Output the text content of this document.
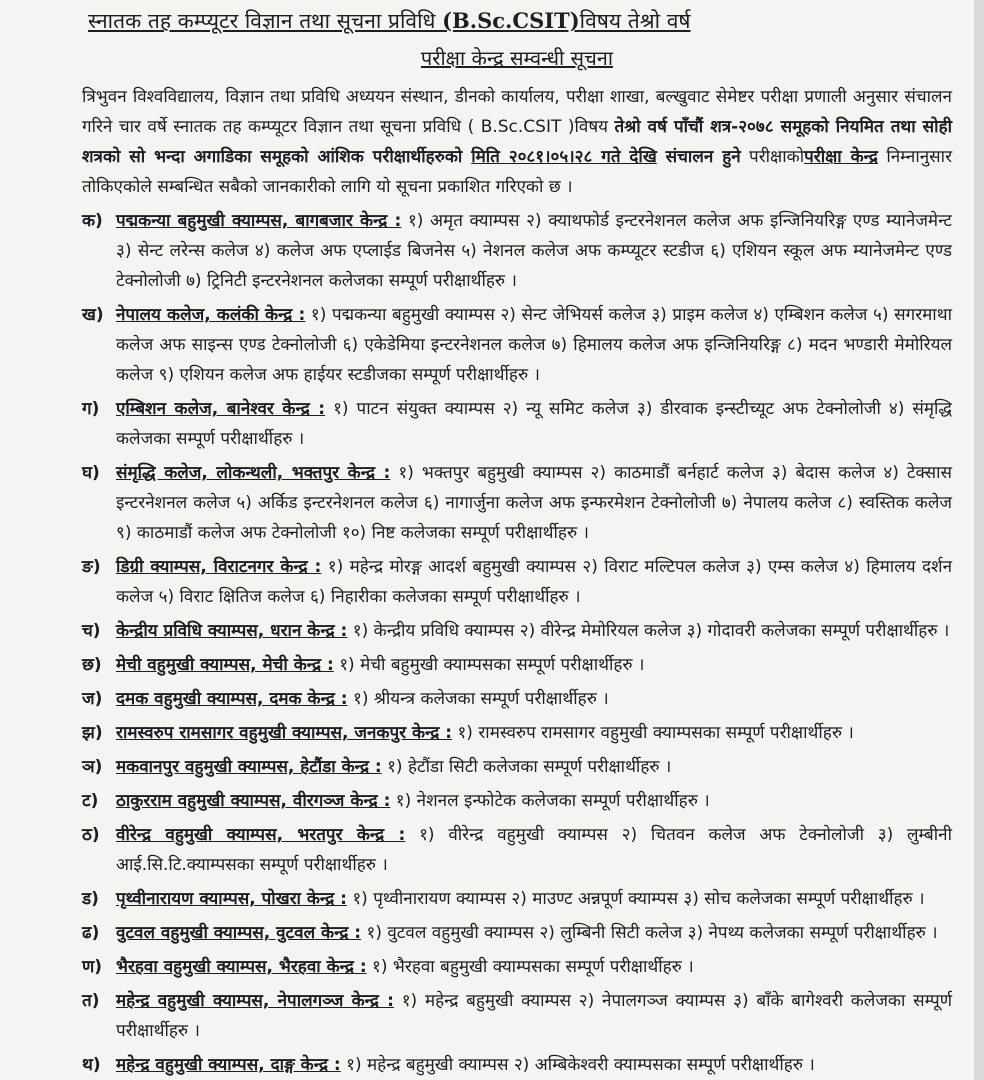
स्नातक तह कम्प्यूटर विज्ञान तथा सूचना प्रविधि (B.Sc.CSIT)विषय तेश्रो वर्ष
परीक्षा केन्द्र सम्वन्धी सूचना
त्रिभुवन विश्वविद्यालय, विज्ञान तथा प्रविधि अध्ययन संस्थान, डीनको कार्यालय, परीक्षा शाखा, बल्खुवाट सेमेष्टर परीक्षा प्रणाली अनुसार संचालन गरिने चार वर्षे स्नातक तह कम्प्यूटर विज्ञान तथा सूचना प्रविधि ( B.Sc.CSIT )विषय तेश्रो वर्ष पाँचौं शत्र-२०७८ समूहको नियमित तथा सोही शत्रको सो भन्दा अगाडिका समूहको आंशिक परीक्षार्थीहरुको मिति २०८१।०५।२८ गते देखि संचालन हुने परीक्षाकोपरीक्षा केन्द्र निम्नानुसार तोकिएकोले सम्बन्धित सबैको जानकारीको लागि यो सूचना प्रकाशित गरिएको छ ।
क) पद्मकन्या बहुमुखी क्याम्पस, बागबजार केन्द्र : १) अमृत क्याम्पस २) क्याथफोर्ड इन्टरनेशनल कलेज अफ इन्जिनियरिङ्ग एण्ड म्यानेजमेन्ट ३) सेन्ट लरेन्स कलेज ४) कलेज अफ एप्लाईड बिजनेस ५) नेशनल कलेज अफ कम्प्यूटर स्टडीज ६) एशियन स्कूल अफ म्यानेजमेन्ट एण्ड टेक्नोलोजी ७) ट्रिनिटी इन्टरनेशनल कलेजका सम्पूर्ण परीक्षार्थीहरु ।
ख) नेपालय कलेज, कलंकी केन्द्र : १) पद्मकन्या बहुमुखी क्याम्पस २) सेन्ट जेभियर्स कलेज ३) प्राइम कलेज ४) एम्बिशन कलेज ५) सगरमाथा कलेज अफ साइन्स एण्ड टेक्नोलोजी ६) एकेडेमिया इन्टरनेशनल कलेज ७) हिमालय कलेज अफ इन्जिनियरिङ्ग ८) मदन भण्डारी मेमोरियल कलेज ९) एशियन कलेज अफ हाईयर स्टडीजका सम्पूर्ण परीक्षार्थीहरु ।
ग) एम्बिशन कलेज, बानेश्वर केन्द्र : १) पाटन संयुक्त क्याम्पस २) न्यू समिट कलेज ३) डीरवाक इन्स्टीच्यूट अफ टेक्नोलोजी ४) संमृद्धि कलेजका सम्पूर्ण परीक्षार्थीहरु ।
घ) संमृद्धि कलेज, लोकन्थली, भक्तपुर केन्द्र : १) भक्तपुर बहुमुखी क्याम्पस २) काठमाडौं बर्नहार्ट कलेज ३) बेदास कलेज ४) टेक्सास इन्टरनेशनल कलेज ५) अर्किड इन्टरनेशनल कलेज ६) नागार्जुना कलेज अफ इन्फरमेशन टेक्नोलोजी ७) नेपालय कलेज ८) स्वस्तिक कलेज ९) काठमाडौं कलेज अफ टेक्नोलोजी १०) निष्ट कलेजका सम्पूर्ण परीक्षार्थीहरु ।
ङ) डिग्री क्याम्पस, विराटनगर केन्द्र : १) महेन्द्र मोरङ्ग आदर्श बहुमुखी क्याम्पस २) विराट मल्टिपल कलेज ३) एम्स कलेज ४) हिमालय दर्शन कलेज ५) विराट क्षितिज कलेज ६) निहारीका कलेजका सम्पूर्ण परीक्षार्थीहरु ।
च) केन्द्रीय प्रविधि क्याम्पस, धरान केन्द्र : १) केन्द्रीय प्रविधि क्याम्पस २) वीरेन्द्र मेमोरियल कलेज ३) गोदावरी कलेजका सम्पूर्ण परीक्षार्थीहरु ।
छ) मेची वहुमुखी क्याम्पस, मेची केन्द्र : १) मेची बहुमुखी क्याम्पसका सम्पूर्ण परीक्षार्थीहरु ।
ज) दमक वहुमुखी क्याम्पस, दमक केन्द्र : १) श्रीयन्त्र कलेजका सम्पूर्ण परीक्षार्थीहरु ।
झ) रामस्वरुप रामसागर वहुमुखी क्याम्पस, जनकपुर केन्द्र : १) रामस्वरुप रामसागर वहुमुखी क्याम्पसका सम्पूर्ण परीक्षार्थीहरु ।
ञ) मकवानपुर वहुमुखी क्याम्पस, हेटौंडा केन्द्र : १) हेटौंडा सिटी कलेजका सम्पूर्ण परीक्षार्थीहरु ।
ट)	ठाकुरराम वहुमुखी क्याम्पस, वीरगञ्ज केन्द्र : १) नेशनल इन्फोटेक कलेजका सम्पूर्ण परीक्षार्थीहरु ।
ठ) वीरेन्द्र वहुमुखी क्याम्पस, भरतपुर केन्द्र : १) वीरेन्द्र वहुमुखी क्याम्पस २) चितवन कलेज अफ टेक्नोलोजी ३) लुम्बीनी आई.सि.टि.क्याम्पसका सम्पूर्ण परीक्षार्थीहरु ।
ड)	पृथ्वीनारायण क्याम्पस, पोखरा केन्द्र : १) पृथ्वीनारायण क्याम्पस २) माउण्ट अन्नपूर्ण क्याम्पस ३) सोच कलेजका सम्पूर्ण परीक्षार्थीहरु ।
ढ) वुटवल वहुमुखी क्याम्पस, वुटवल केन्द्र : १) वुटवल वहुमुखी क्याम्पस २) लुम्बिनी सिटी कलेज ३) नेपथ्य कलेजका सम्पूर्ण परीक्षार्थीहरु ।
ण) भैरहवा वहुमुखी क्याम्पस, भैरहवा केन्द्र : १) भैरहवा बहुमुखी क्याम्पसका सम्पूर्ण परीक्षार्थीहरु ।
त) महेन्द्र वहुमुखी क्याम्पस, नेपालगञ्ज केन्द्र : १) महेन्द्र बहुमुखी क्याम्पस २) नेपालगञ्ज क्याम्पस ३) बाँके बागेश्वरी कलेजका सम्पूर्ण परीक्षार्थीहरु ।
थ) महेन्द्र वहुमुखी क्याम्पस, दाङ्ग केन्द्र : १) महेन्द्र बहुमुखी क्याम्पस २) अम्बिकेश्वरी क्याम्पसका सम्पूर्ण परीक्षार्थीहरु ।
